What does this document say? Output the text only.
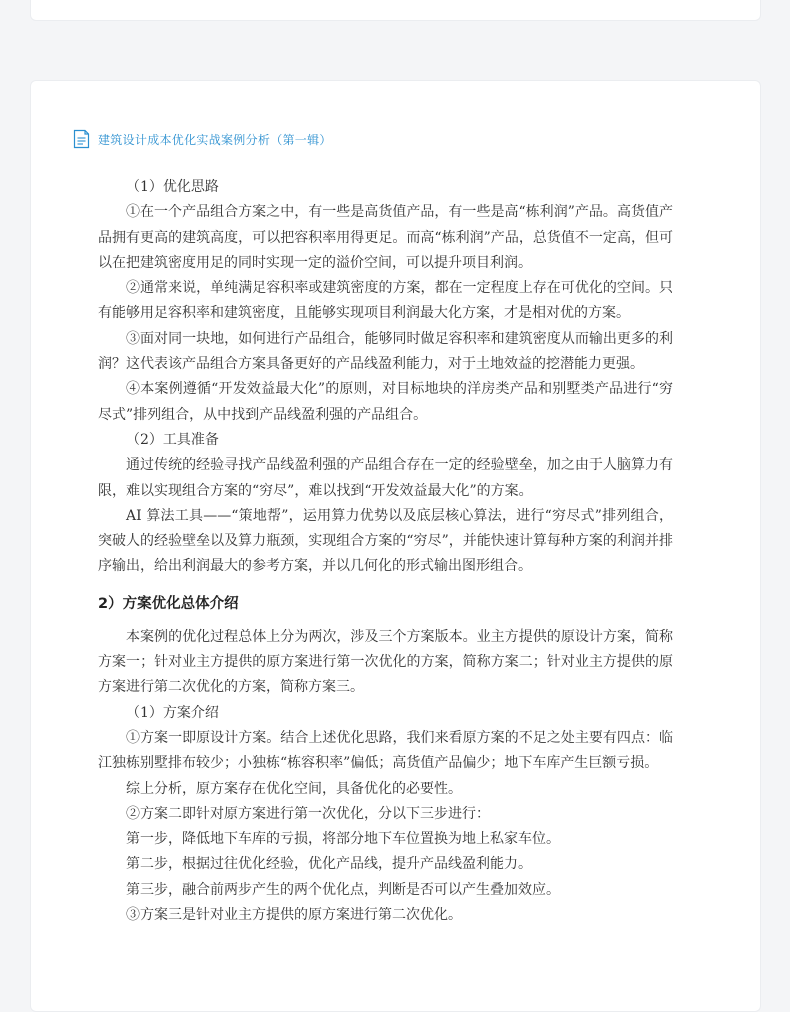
建筑设计成本优化实战案例分析（第一辑）

（1）优化思路

①在一个产品组合方案之中，有一些是高货值产品，有一些是高“栋利润”产品。高货值产品拥有更高的建筑高度，可以把容积率用得更足。而高“栋利润”产品，总货值不一定高，但可以在把建筑密度用足的同时实现一定的溢价空间，可以提升项目利润。

②通常来说，单纯满足容积率或建筑密度的方案，都在一定程度上存在可优化的空间。只有能够用足容积率和建筑密度，且能够实现项目利润最大化方案，才是相对优的方案。

③面对同一块地，如何进行产品组合，能够同时做足容积率和建筑密度从而输出更多的利润？这代表该产品组合方案具备更好的产品线盈利能力，对于土地效益的挖潜能力更强。

④本案例遵循“开发效益最大化”的原则，对目标地块的洋房类产品和别墅类产品进行“穷尽式”排列组合，从中找到产品线盈利强的产品组合。

（2）工具准备

通过传统的经验寻找产品线盈利强的产品组合存在一定的经验壁垒，加之由于人脑算力有限，难以实现组合方案的“穷尽”，难以找到“开发效益最大化”的方案。

AI 算法工具——“策地帮”，运用算力优势以及底层核心算法，进行“穷尽式”排列组合，突破人的经验壁垒以及算力瓶颈，实现组合方案的“穷尽”，并能快速计算每种方案的利润并排序输出，给出利润最大的参考方案，并以几何化的形式输出图形组合。

2）方案优化总体介绍

本案例的优化过程总体上分为两次，涉及三个方案版本。业主方提供的原设计方案，简称方案一；针对业主方提供的原方案进行第一次优化的方案，简称方案二；针对业主方提供的原方案进行第二次优化的方案，简称方案三。

（1）方案介绍

①方案一即原设计方案。结合上述优化思路，我们来看原方案的不足之处主要有四点：临江独栋别墅排布较少；小独栋“栋容积率”偏低；高货值产品偏少；地下车库产生巨额亏损。

综上分析，原方案存在优化空间，具备优化的必要性。

②方案二即针对原方案进行第一次优化，分以下三步进行：

第一步，降低地下车库的亏损，将部分地下车位置换为地上私家车位。

第二步，根据过往优化经验，优化产品线，提升产品线盈利能力。

第三步，融合前两步产生的两个优化点，判断是否可以产生叠加效应。

③方案三是针对业主方提供的原方案进行第二次优化。
